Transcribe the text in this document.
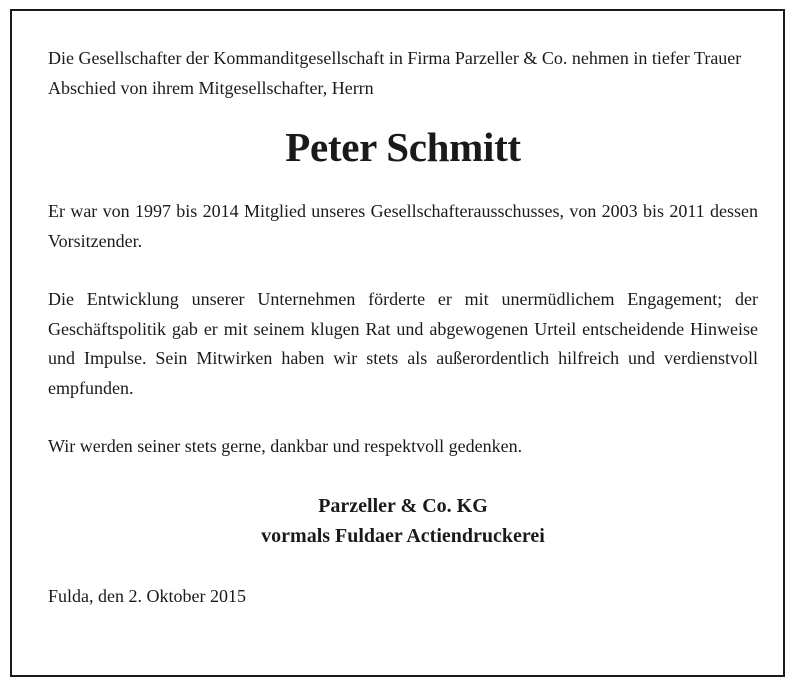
Die Gesellschafter der Kommanditgesellschaft in Firma Parzeller & Co. nehmen in tiefer Trauer Abschied von ihrem Mitgesellschafter, Herrn

Peter Schmitt

Er war von 1997 bis 2014 Mitglied unseres Gesellschafterausschusses, von 2003 bis 2011 dessen Vorsitzender.

Die Entwicklung unserer Unternehmen förderte er mit unermüdlichem Engagement; der Geschäftspolitik gab er mit seinem klugen Rat und abgewogenen Urteil entscheidende Hinweise und Impulse. Sein Mitwirken haben wir stets als außerordentlich hilfreich und verdienstvoll empfunden.

Wir werden seiner stets gerne, dankbar und respektvoll gedenken.

Parzeller & Co. KG
vormals Fuldaer Actiendruckerei

Fulda, den 2. Oktober 2015
